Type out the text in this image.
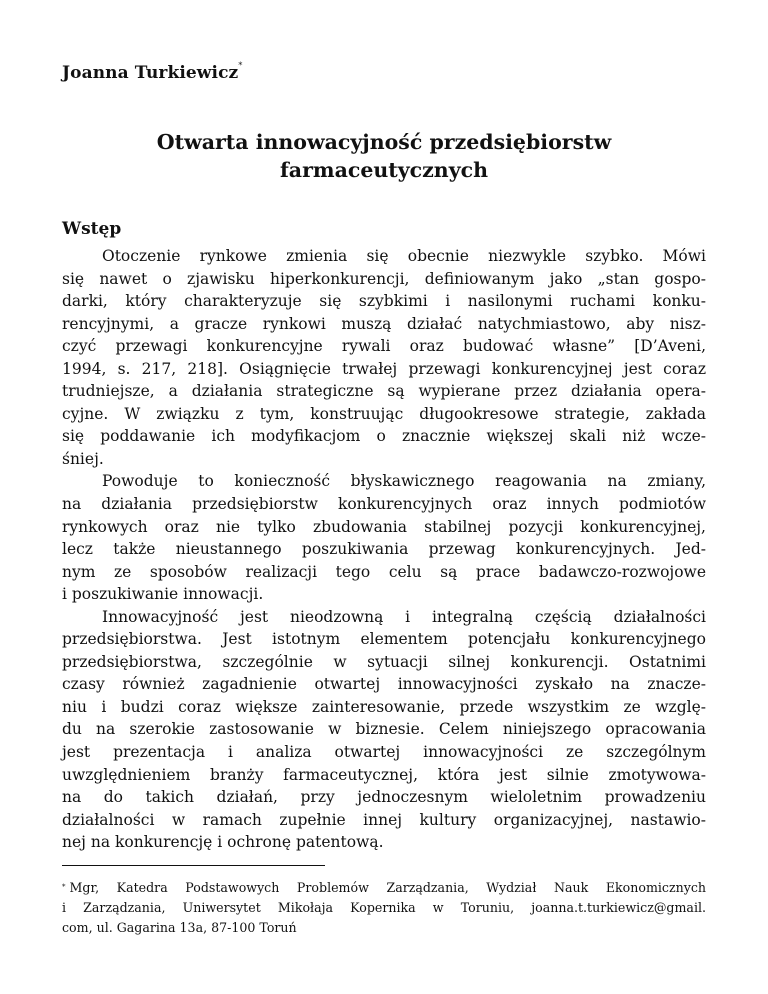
Joanna Turkiewicz*
Otwarta innowacyjność przedsiębiorstw
farmaceutycznych
Wstęp
Otoczenie rynkowe zmienia się obecnie niezwykle szybko. Mówi
się nawet o zjawisku hiperkonkurencji, definiowanym jako „stan gospo-
darki, który charakteryzuje się szybkimi i nasilonymi ruchami konku-
rencyjnymi, a gracze rynkowi muszą działać natychmiastowo, aby nisz-
czyć przewagi konkurencyjne rywali oraz budować własne” [D’Aveni,
1994, s. 217, 218]. Osiągnięcie trwałej przewagi konkurencyjnej jest coraz
trudniejsze, a działania strategiczne są wypierane przez działania opera-
cyjne. W związku z tym, konstruując długookresowe strategie, zakłada
się poddawanie ich modyfikacjom o znacznie większej skali niż wcze-
śniej.
Powoduje to konieczność błyskawicznego reagowania na zmiany,
na działania przedsiębiorstw konkurencyjnych oraz innych podmiotów
rynkowych oraz nie tylko zbudowania stabilnej pozycji konkurencyjnej,
lecz także nieustannego poszukiwania przewag konkurencyjnych. Jed-
nym ze sposobów realizacji tego celu są prace badawczo-rozwojowe
i poszukiwanie innowacji.
Innowacyjność jest nieodzowną i integralną częścią działalności
przedsiębiorstwa. Jest istotnym elementem potencjału konkurencyjnego
przedsiębiorstwa, szczególnie w sytuacji silnej konkurencji. Ostatnimi
czasy również zagadnienie otwartej innowacyjności zyskało na znacze-
niu i budzi coraz większe zainteresowanie, przede wszystkim ze wzglę-
du na szerokie zastosowanie w biznesie. Celem niniejszego opracowania
jest prezentacja i analiza otwartej innowacyjności ze szczególnym
uwzględnieniem branży farmaceutycznej, która jest silnie zmotywowa-
na do takich działań, przy jednoczesnym wieloletnim prowadzeniu
działalności w ramach zupełnie innej kultury organizacyjnej, nastawio-
nej na konkurencję i ochronę patentową.
* Mgr, Katedra Podstawowych Problemów Zarządzania, Wydział Nauk Ekonomicznych
i Zarządzania, Uniwersytet Mikołaja Kopernika w Toruniu, joanna.t.turkiewicz@gmail.
com, ul. Gagarina 13a, 87-100 Toruń
